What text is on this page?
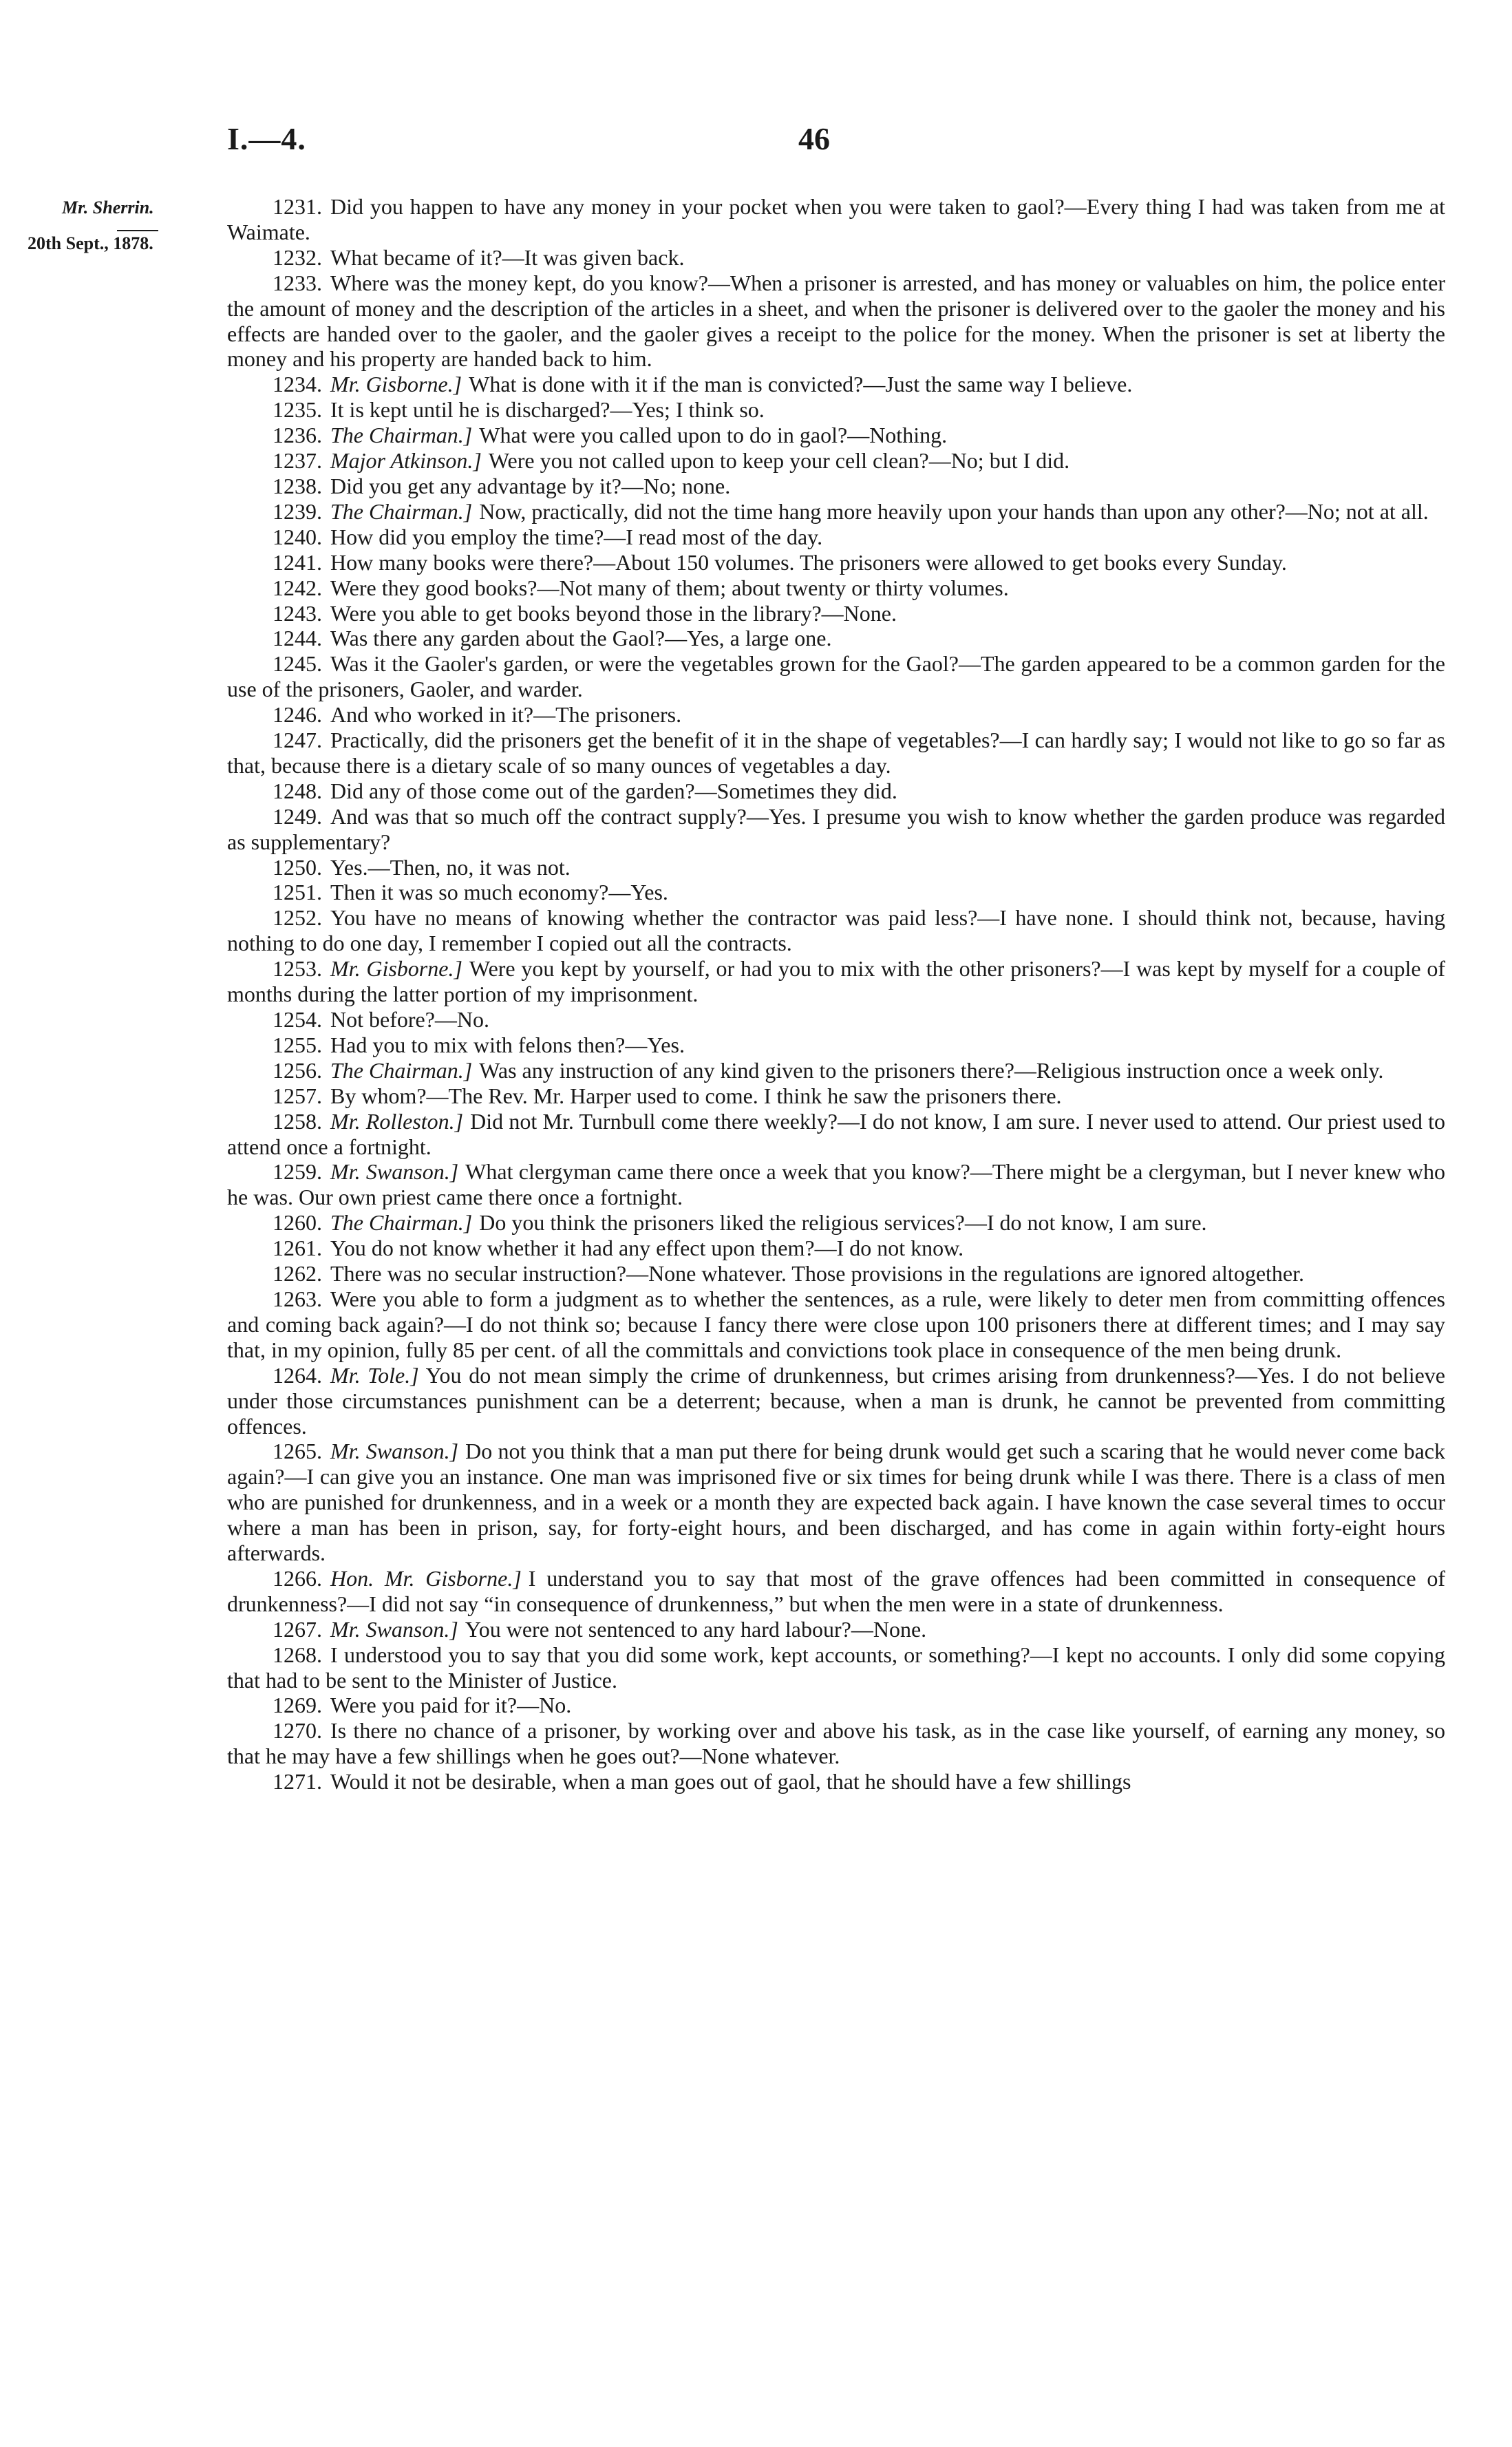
I.—4.	46
Mr. Sherrin.
20th Sept., 1878.

1231. Did you happen to have any money in your pocket when you were taken to gaol?—Every thing I had was taken from me at Waimate.

1232. What became of it?—It was given back.

1233. Where was the money kept, do you know?—When a prisoner is arrested, and has money or valuables on him, the police enter the amount of money and the description of the articles in a sheet, and when the prisoner is delivered over to the gaoler the money and his effects are handed over to the gaoler, and the gaoler gives a receipt to the police for the money. When the prisoner is set at liberty the money and his property are handed back to him.

1234. Mr. Gisborne.] What is done with it if the man is convicted?—Just the same way I believe.

1235. It is kept until he is discharged?—Yes; I think so.

1236. The Chairman.] What were you called upon to do in gaol?—Nothing.

1237. Major Atkinson.] Were you not called upon to keep your cell clean?—No; but I did.

1238. Did you get any advantage by it?—No; none.

1239. The Chairman.] Now, practically, did not the time hang more heavily upon your hands than upon any other?—No; not at all.

1240. How did you employ the time?—I read most of the day.

1241. How many books were there?—About 150 volumes. The prisoners were allowed to get books every Sunday.

1242. Were they good books?—Not many of them; about twenty or thirty volumes.

1243. Were you able to get books beyond those in the library?—None.

1244. Was there any garden about the Gaol?—Yes, a large one.

1245. Was it the Gaoler's garden, or were the vegetables grown for the Gaol?—The garden appeared to be a common garden for the use of the prisoners, Gaoler, and warder.

1246. And who worked in it?—The prisoners.

1247. Practically, did the prisoners get the benefit of it in the shape of vegetables?—I can hardly say; I would not like to go so far as that, because there is a dietary scale of so many ounces of vegetables a day.

1248. Did any of those come out of the garden?—Sometimes they did.

1249. And was that so much off the contract supply?—Yes. I presume you wish to know whether the garden produce was regarded as supplementary?

1250. Yes.—Then, no, it was not.

1251. Then it was so much economy?—Yes.

1252. You have no means of knowing whether the contractor was paid less?—I have none. I should think not, because, having nothing to do one day, I remember I copied out all the contracts.

1253. Mr. Gisborne.] Were you kept by yourself, or had you to mix with the other prisoners?—I was kept by myself for a couple of months during the latter portion of my imprisonment.

1254. Not before?—No.

1255. Had you to mix with felons then?—Yes.

1256. The Chairman.] Was any instruction of any kind given to the prisoners there?—Religious instruction once a week only.

1257. By whom?—The Rev. Mr. Harper used to come. I think he saw the prisoners there.

1258. Mr. Rolleston.] Did not Mr. Turnbull come there weekly?—I do not know, I am sure. I never used to attend. Our priest used to attend once a fortnight.

1259. Mr. Swanson.] What clergyman came there once a week that you know?—There might be a clergyman, but I never knew who he was. Our own priest came there once a fortnight.

1260. The Chairman.] Do you think the prisoners liked the religious services?—I do not know, I am sure.

1261. You do not know whether it had any effect upon them?—I do not know.

1262. There was no secular instruction?—None whatever. Those provisions in the regulations are ignored altogether.

1263. Were you able to form a judgment as to whether the sentences, as a rule, were likely to deter men from committing offences and coming back again?—I do not think so; because I fancy there were close upon 100 prisoners there at different times; and I may say that, in my opinion, fully 85 per cent. of all the committals and convictions took place in consequence of the men being drunk.

1264. Mr. Tole.] You do not mean simply the crime of drunkenness, but crimes arising from drunkenness?—Yes. I do not believe under those circumstances punishment can be a deterrent; because, when a man is drunk, he cannot be prevented from committing offences.

1265. Mr. Swanson.] Do not you think that a man put there for being drunk would get such a scaring that he would never come back again?—I can give you an instance. One man was imprisoned five or six times for being drunk while I was there. There is a class of men who are punished for drunkenness, and in a week or a month they are expected back again. I have known the case several times to occur where a man has been in prison, say, for forty-eight hours, and been discharged, and has come in again within forty-eight hours afterwards.

1266. Hon. Mr. Gisborne.] I understand you to say that most of the grave offences had been committed in consequence of drunkenness?—I did not say “in consequence of drunkenness,” but when the men were in a state of drunkenness.

1267. Mr. Swanson.] You were not sentenced to any hard labour?—None.

1268. I understood you to say that you did some work, kept accounts, or something?—I kept no accounts. I only did some copying that had to be sent to the Minister of Justice.

1269. Were you paid for it?—No.

1270. Is there no chance of a prisoner, by working over and above his task, as in the case like yourself, of earning any money, so that he may have a few shillings when he goes out?—None whatever.

1271. Would it not be desirable, when a man goes out of gaol, that he should have a few shillings
